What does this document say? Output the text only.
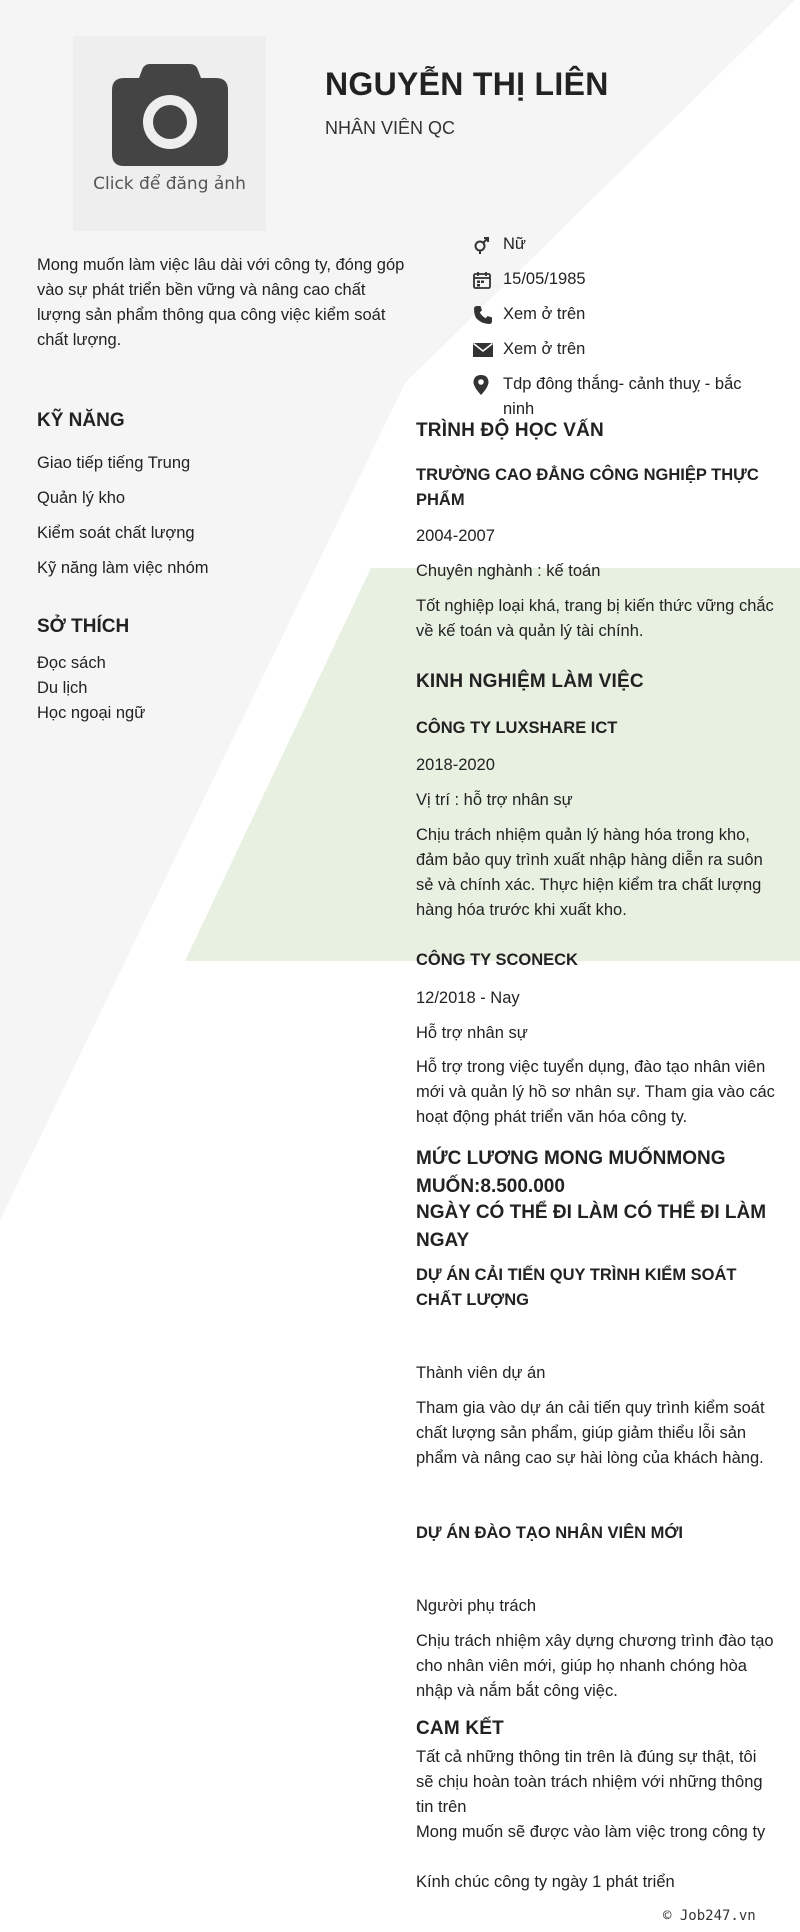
Click để đăng ảnh
NGUYỄN THỊ LIÊN
NHÂN VIÊN QC
Mong muốn làm việc lâu dài với công ty, đóng góp vào sự phát triển bền vững và nâng cao chất lượng sản phẩm thông qua công việc kiểm soát chất lượng.
Nữ
15/05/1985
Xem ở trên
Xem ở trên
Tdp đông thắng- cảnh thuỵ - bắc ninh
KỸ NĂNG
Giao tiếp tiếng Trung
Quản lý kho
Kiểm soát chất lượng
Kỹ năng làm việc nhóm
SỞ THÍCH
Đọc sách
Du lịch
Học ngoại ngữ
TRÌNH ĐỘ HỌC VẤN
TRƯỜNG CAO ĐẲNG CÔNG NGHIỆP THỰC PHẨM
2004-2007
Chuyên nghành : kế toán
Tốt nghiệp loại khá, trang bị kiến thức vững chắc về kế toán và quản lý tài chính.
KINH NGHIỆM LÀM VIỆC
CÔNG TY LUXSHARE ICT
2018-2020
Vị trí : hỗ trợ nhân sự
Chịu trách nhiệm quản lý hàng hóa trong kho, đảm bảo quy trình xuất nhập hàng diễn ra suôn sẻ và chính xác. Thực hiện kiểm tra chất lượng hàng hóa trước khi xuất kho.
CÔNG TY SCONECK
12/2018 - Nay
Hỗ trợ nhân sự
Hỗ trợ trong việc tuyển dụng, đào tạo nhân viên mới và quản lý hồ sơ nhân sự. Tham gia vào các hoạt động phát triển văn hóa công ty.
MỨC LƯƠNG MONG MUỐNMONG MUỐN:8.500.000
NGÀY CÓ THỂ ĐI LÀM CÓ THỂ ĐI LÀM NGAY
DỰ ÁN CẢI TIẾN QUY TRÌNH KIỂM SOÁT CHẤT LƯỢNG
Thành viên dự án
Tham gia vào dự án cải tiến quy trình kiểm soát chất lượng sản phẩm, giúp giảm thiểu lỗi sản phẩm và nâng cao sự hài lòng của khách hàng.
DỰ ÁN ĐÀO TẠO NHÂN VIÊN MỚI
Người phụ trách
Chịu trách nhiệm xây dựng chương trình đào tạo cho nhân viên mới, giúp họ nhanh chóng hòa nhập và nắm bắt công việc.
CAM KẾT
Tất cả những thông tin trên là đúng sự thật, tôi sẽ chịu hoàn toàn trách nhiệm với những thông tin trên
Mong muốn sẽ được vào làm việc trong công ty
Kính chúc công ty ngày 1 phát triển
© Job247.vn
